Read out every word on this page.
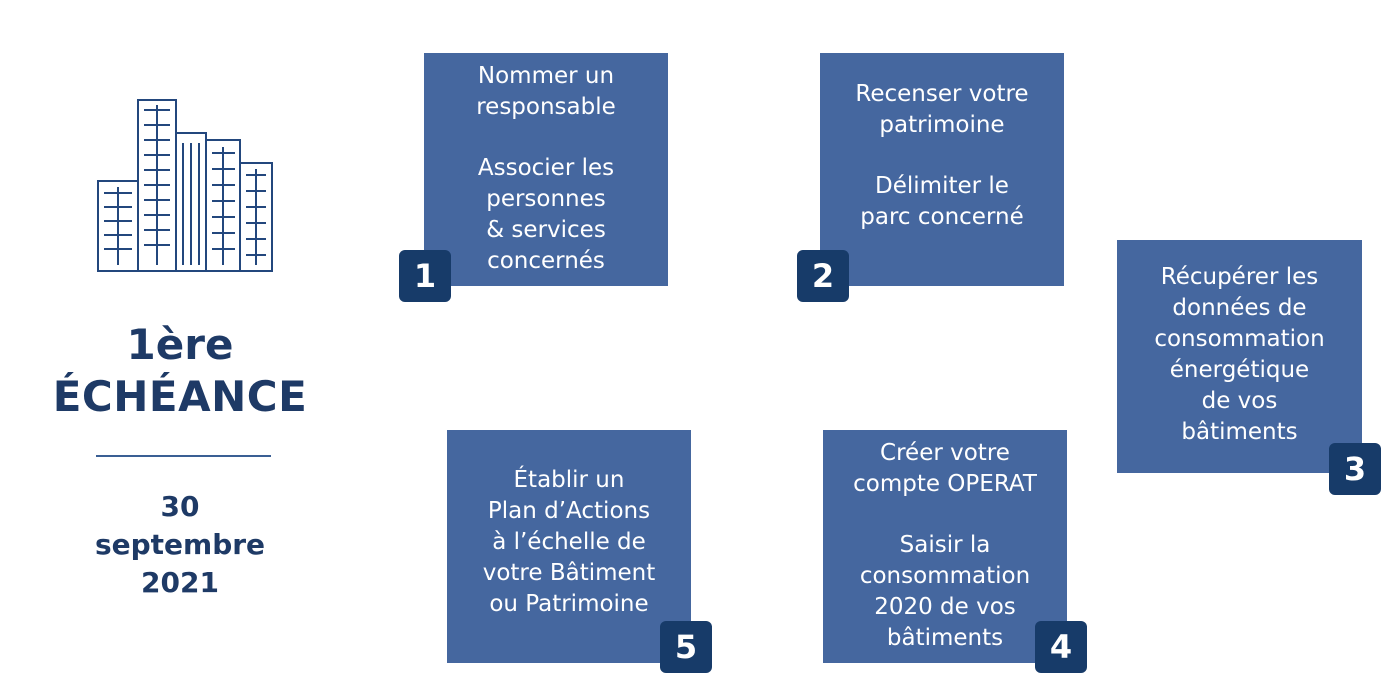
1ère
ÉCHÉANCE
30
septembre
2021
Nommer un
responsable
Associer les
personnes
& services
concernés
1
Recenser votre
patrimoine
Délimiter le
parc concerné
2	Récupérer les
données de
consommation
énergétique
de vos
bâtiments
3
Créer votre
compte OPERAT
Saisir la
consommation
2020 de vos
bâtiments	4
Établir un
Plan d’Actions
à l’échelle de
votre Bâtiment
ou Patrimoine
5
